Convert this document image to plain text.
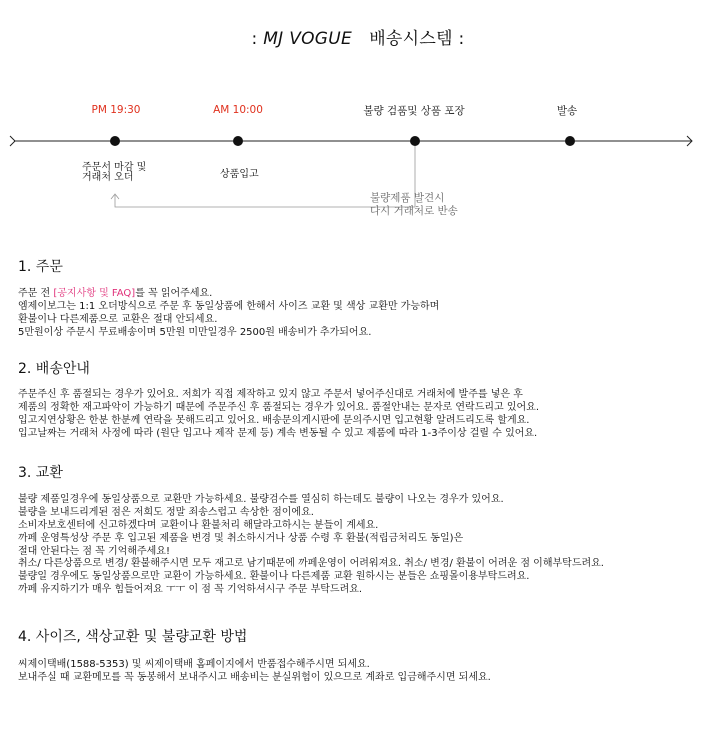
: MJ VOGUE 배송시스템 :
PM 19:30	AM 10:00	불량 검품및 상품 포장	발송
주문서 마감 및
거래처 오더	상품입고
불량제품 발견시
다시 거래처로 반송
1. 주문
주문 전 [공지사항 및 FAQ]를 꼭 읽어주세요.
엠제이보그는 1:1 오더방식으로 주문 후 동일상품에 한해서 사이즈 교환 및 색상 교환만 가능하며
환불이나 다른제품으로 교환은 절대 안되세요.
5만원이상 주문시 무료배송이며 5만원 미만일경우 2500원 배송비가 추가되어요.
2. 배송안내
주문주신 후 품절되는 경우가 있어요. 저희가 직접 제작하고 있지 않고 주문서 넣어주신대로 거래처에 발주를 넣은 후
제품의 정확한 재고파악이 가능하기 때문에 주문주신 후 품절되는 경우가 있어요. 품절안내는 문자로 연락드리고 있어요.
입고지연상황은 한분 한분께 연락을 못해드리고 있어요. 배송문의게시판에 문의주시면 입고현황 알려드리도록 할게요.
입고날짜는 거래처 사정에 따라 (원단 입고나 제작 문제 등) 계속 변동될 수 있고 제품에 따라 1-3주이상 걸릴 수 있어요.
3. 교환
불량 제품일경우에 동일상품으로 교환만 가능하세요. 불량검수를 열심히 하는데도 불량이 나오는 경우가 있어요.
불량을 보내드리게된 점은 저희도 정말 죄송스럽고 속상한 점이에요.
소비자보호센터에 신고하겠다며 교환이나 환불처리 해달라고하시는 분들이 계세요.
까페 운영특성상 주문 후 입고된 제품을 변경 및 취소하시거나 상품 수령 후 환불(적립금처리도 동일)은
절대 안된다는 점 꼭 기억해주세요!
취소/ 다른상품으로 변경/ 환불해주시면 모두 재고로 남기때문에 까페운영이 어려워져요. 취소/ 변경/ 환불이 어려운 점 이해부탁드려요.
불량일 경우에도 동일상품으로만 교환이 가능하세요. 환불이나 다른제품 교환 원하시는 분들은 쇼핑몰이용부탁드려요.
까페 유지하기가 매우 힘들어져요 ㅜㅜ 이 점 꼭 기억하셔시구 주문 부탁드려요.
4. 사이즈, 색상교환 및 불량교환 방법
씨제이택배(1588-5353) 및 씨제이택배 홈페이지에서 반품접수해주시면 되세요.
보내주실 때 교환메모를 꼭 동봉해서 보내주시고 배송비는 분실위험이 있으므로 계좌로 입금해주시면 되세요.
